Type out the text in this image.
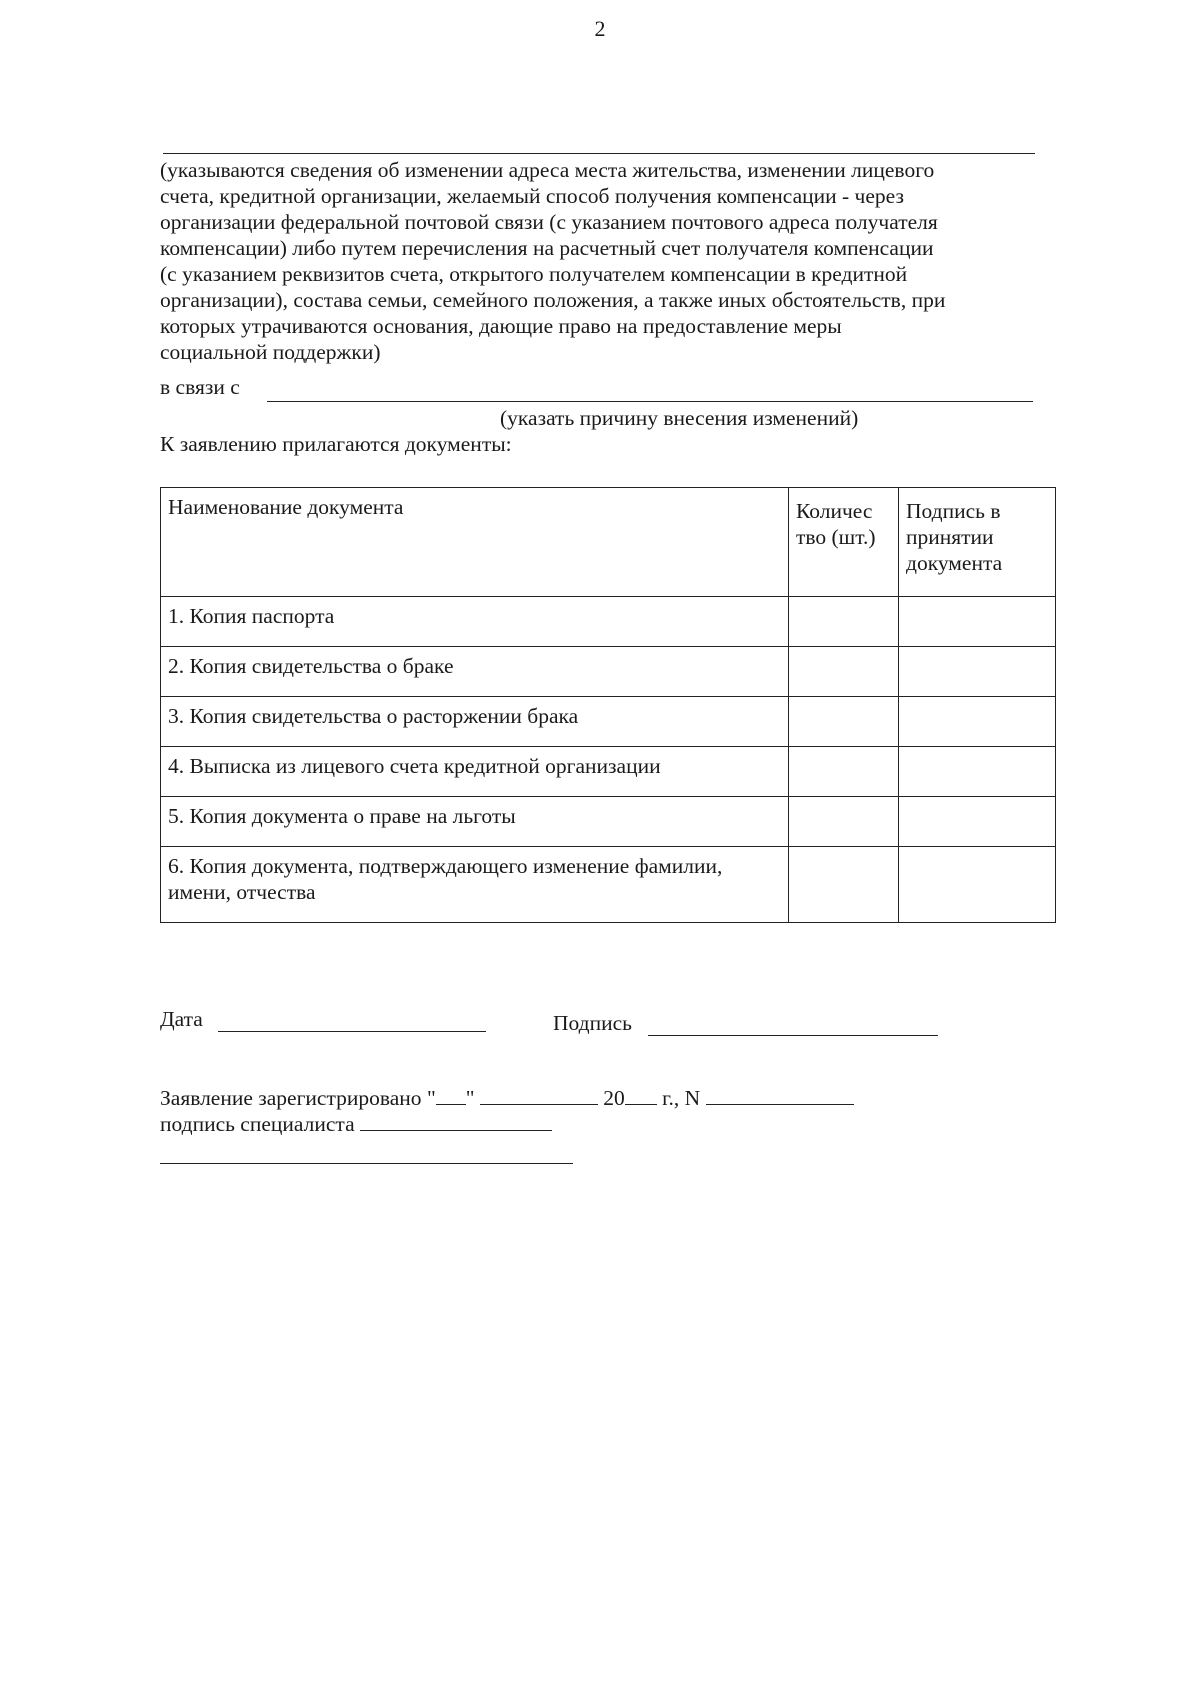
2

(указываются сведения об изменении адреса места жительства, изменении лицевого
счета, кредитной организации, желаемый способ получения компенсации - через
организации федеральной почтовой связи (с указанием почтового адреса получателя
компенсации) либо путем перечисления на расчетный счет получателя компенсации
(с указанием реквизитов счета, открытого получателем компенсации в кредитной
организации), состава семьи, семейного положения, а также иных обстоятельств, при
которых утрачиваются основания, дающие право на предоставление меры
социальной поддержки)

в связи с
(указать причину внесения изменений)
К заявлению прилагаются документы:
Наименование документа	Количес тво (шт.)	Подпись в принятии документа
1. Копия паспорта		
2. Копия свидетельства о браке		
3. Копия свидетельства о расторжении брака		
4. Выписка из лицевого счета кредитной организации		
5. Копия документа о праве на льготы		
6. Копия документа, подтверждающего изменение фамилии, имени, отчества		
Дата	Подпись
Заявление зарегистрировано " "	20 г., N
подпись специалиста
